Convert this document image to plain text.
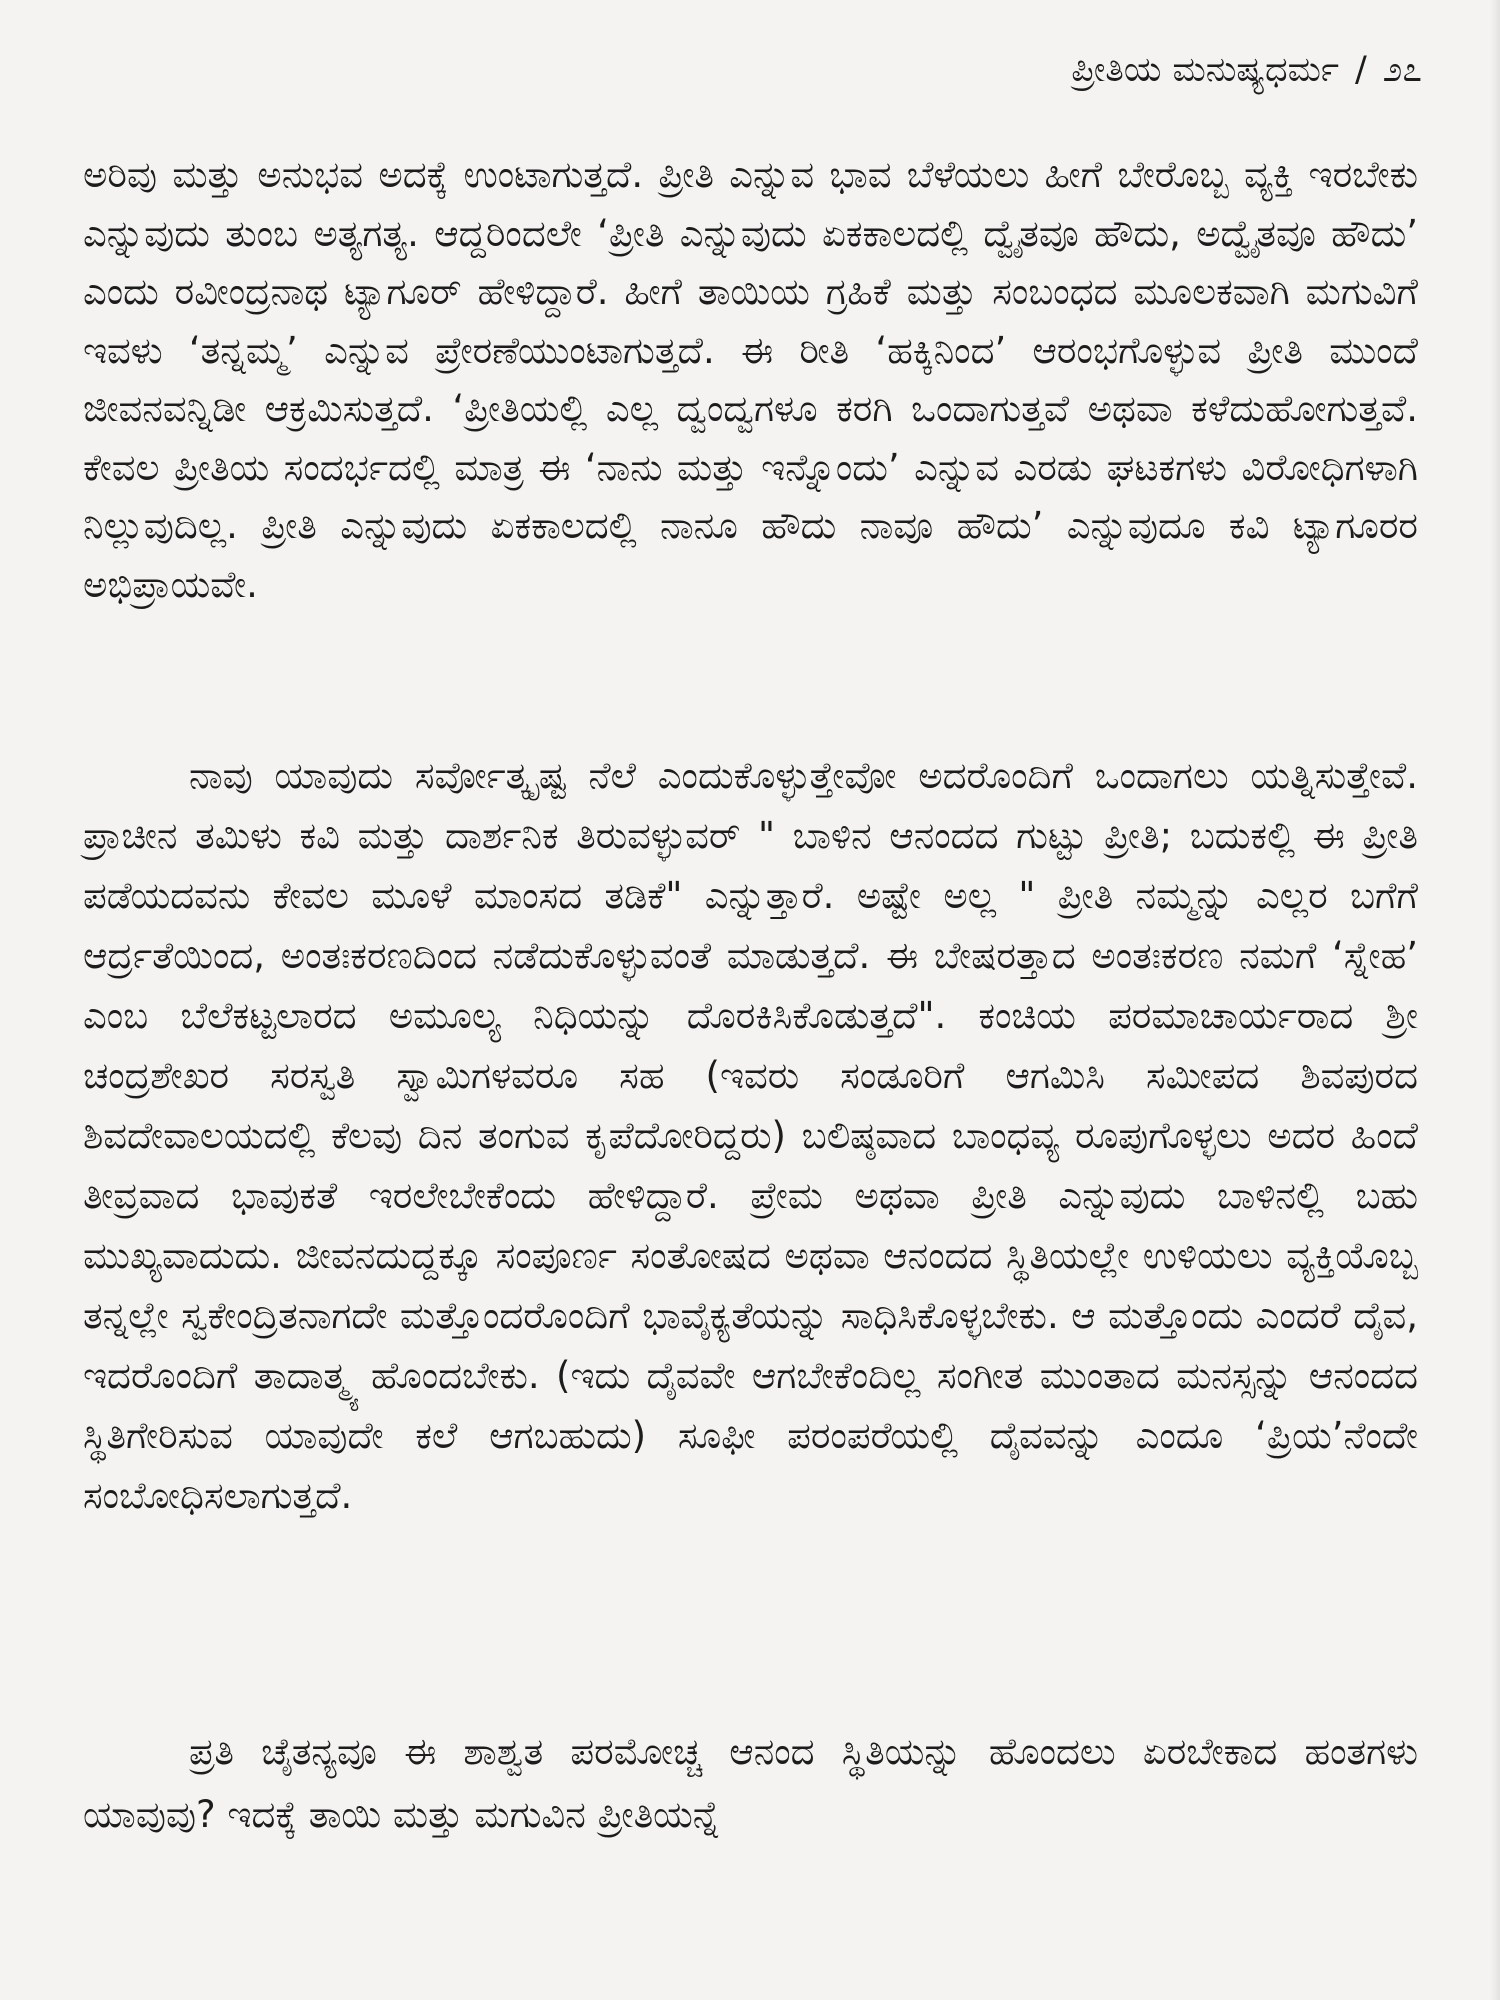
ಪ್ರೀತಿಯ ಮನುಷ್ಯಧರ್ಮ / ೨೭

ಅರಿವು ಮತ್ತು ಅನುಭವ ಅದಕ್ಕೆ ಉಂಟಾಗುತ್ತದೆ. ಪ್ರೀತಿ ಎನ್ನುವ ಭಾವ ಬೆಳೆಯಲು ಹೀಗೆ ಬೇರೊಬ್ಬ ವ್ಯಕ್ತಿ ಇರಬೇಕು ಎನ್ನುವುದು ತುಂಬ ಅತ್ಯಗತ್ಯ. ಆದ್ದರಿಂದಲೇ ‘ಪ್ರೀತಿ ಎನ್ನುವುದು ಏಕಕಾಲದಲ್ಲಿ ದ್ವೈತವೂ ಹೌದು, ಅದ್ವೈತವೂ ಹೌದು’ ಎಂದು ರವೀಂದ್ರನಾಥ ಟ್ಯಾಗೂರ್ ಹೇಳಿದ್ದಾರೆ. ಹೀಗೆ ತಾಯಿಯ ಗ್ರಹಿಕೆ ಮತ್ತು ಸಂಬಂಧದ ಮೂಲಕವಾಗಿ ಮಗುವಿಗೆ ಇವಳು ‘ತನ್ನಮ್ಮ’ ಎನ್ನುವ ಪ್ರೇರಣೆಯುಂಟಾಗುತ್ತದೆ. ಈ ರೀತಿ ‘ಹಕ್ಕಿನಿಂದ’ ಆರಂಭಗೊಳ್ಳುವ ಪ್ರೀತಿ ಮುಂದೆ ಜೀವನವನ್ನಿಡೀ ಆಕ್ರಮಿಸುತ್ತದೆ. ‘ಪ್ರೀತಿಯಲ್ಲಿ ಎಲ್ಲ ದ್ವಂದ್ವಗಳೂ ಕರಗಿ ಒಂದಾಗುತ್ತವೆ ಅಥವಾ ಕಳೆದುಹೋಗುತ್ತವೆ. ಕೇವಲ ಪ್ರೀತಿಯ ಸಂದರ್ಭದಲ್ಲಿ ಮಾತ್ರ ಈ ‘ನಾನು ಮತ್ತು ಇನ್ನೊಂದು’ ಎನ್ನುವ ಎರಡು ಘಟಕಗಳು ವಿರೋಧಿಗಳಾಗಿ ನಿಲ್ಲುವುದಿಲ್ಲ. ಪ್ರೀತಿ ಎನ್ನುವುದು ಏಕಕಾಲದಲ್ಲಿ ನಾನೂ ಹೌದು ನಾವೂ ಹೌದು’ ಎನ್ನುವುದೂ ಕವಿ ಟ್ಯಾಗೂರರ ಅಭಿಪ್ರಾಯವೇ.

ನಾವು ಯಾವುದು ಸರ್ವೋತ್ಕೃಷ್ಟ ನೆಲೆ ಎಂದುಕೊಳ್ಳುತ್ತೇವೋ ಅದರೊಂದಿಗೆ ಒಂದಾಗಲು ಯತ್ನಿಸುತ್ತೇವೆ. ಪ್ರಾಚೀನ ತಮಿಳು ಕವಿ ಮತ್ತು ದಾರ್ಶನಿಕ ತಿರುವಳ್ಳುವರ್ " ಬಾಳಿನ ಆನಂದದ ಗುಟ್ಟು ಪ್ರೀತಿ; ಬದುಕಲ್ಲಿ ಈ ಪ್ರೀತಿ ಪಡೆಯದವನು ಕೇವಲ ಮೂಳೆ ಮಾಂಸದ ತಡಿಕೆ" ಎನ್ನುತ್ತಾರೆ. ಅಷ್ಟೇ ಅಲ್ಲ " ಪ್ರೀತಿ ನಮ್ಮನ್ನು ಎಲ್ಲರ ಬಗೆಗೆ ಆರ್ದ್ರತೆಯಿಂದ, ಅಂತಃಕರಣದಿಂದ ನಡೆದುಕೊಳ್ಳುವಂತೆ ಮಾಡುತ್ತದೆ. ಈ ಬೇಷರತ್ತಾದ ಅಂತಃಕರಣ ನಮಗೆ ‘ಸ್ನೇಹ’ ಎಂಬ ಬೆಲೆಕಟ್ಟಲಾರದ ಅಮೂಲ್ಯ ನಿಧಿಯನ್ನು ದೊರಕಿಸಿಕೊಡುತ್ತದೆ". ಕಂಚಿಯ ಪರಮಾಚಾರ್ಯರಾದ ಶ್ರೀ ಚಂದ್ರಶೇಖರ ಸರಸ್ವತಿ ಸ್ವಾಮಿಗಳವರೂ ಸಹ (ಇವರು ಸಂಡೂರಿಗೆ ಆಗಮಿಸಿ ಸಮೀಪದ ಶಿವಪುರದ ಶಿವದೇವಾಲಯದಲ್ಲಿ ಕೆಲವು ದಿನ ತಂಗುವ ಕೃಪೆದೋರಿದ್ದರು) ಬಲಿಷ್ಠವಾದ ಬಾಂಧವ್ಯ ರೂಪುಗೊಳ್ಳಲು ಅದರ ಹಿಂದೆ ತೀವ್ರವಾದ ಭಾವುಕತೆ ಇರಲೇಬೇಕೆಂದು ಹೇಳಿದ್ದಾರೆ. ಪ್ರೇಮ ಅಥವಾ ಪ್ರೀತಿ ಎನ್ನುವುದು ಬಾಳಿನಲ್ಲಿ ಬಹು ಮುಖ್ಯವಾದುದು. ಜೀವನದುದ್ದಕ್ಕೂ ಸಂಪೂರ್ಣ ಸಂತೋಷದ ಅಥವಾ ಆನಂದದ ಸ್ಥಿತಿಯಲ್ಲೇ ಉಳಿಯಲು ವ್ಯಕ್ತಿಯೊಬ್ಬ ತನ್ನಲ್ಲೇ ಸ್ವಕೇಂದ್ರಿತನಾಗದೇ ಮತ್ತೊಂದರೊಂದಿಗೆ ಭಾವೈಕ್ಯತೆಯನ್ನು ಸಾಧಿಸಿಕೊಳ್ಳಬೇಕು. ಆ ಮತ್ತೊಂದು ಎಂದರೆ ದೈವ, ಇದರೊಂದಿಗೆ ತಾದಾತ್ಮ್ಯ ಹೊಂದಬೇಕು. (ಇದು ದೈವವೇ ಆಗಬೇಕೆಂದಿಲ್ಲ ಸಂಗೀತ ಮುಂತಾದ ಮನಸ್ಸನ್ನು ಆನಂದದ ಸ್ಥಿತಿಗೇರಿಸುವ ಯಾವುದೇ ಕಲೆ ಆಗಬಹುದು) ಸೂಫೀ ಪರಂಪರೆಯಲ್ಲಿ ದೈವವನ್ನು ಎಂದೂ ‘ಪ್ರಿಯ’ನೆಂದೇ ಸಂಬೋಧಿಸಲಾಗುತ್ತದೆ.

ಪ್ರತಿ ಚೈತನ್ಯವೂ ಈ ಶಾಶ್ವತ ಪರಮೋಚ್ಚ ಆನಂದ ಸ್ಥಿತಿಯನ್ನು ಹೊಂದಲು ಏರಬೇಕಾದ ಹಂತಗಳು ಯಾವುವು? ಇದಕ್ಕೆ ತಾಯಿ ಮತ್ತು ಮಗುವಿನ ಪ್ರೀತಿಯನ್ನೆ
